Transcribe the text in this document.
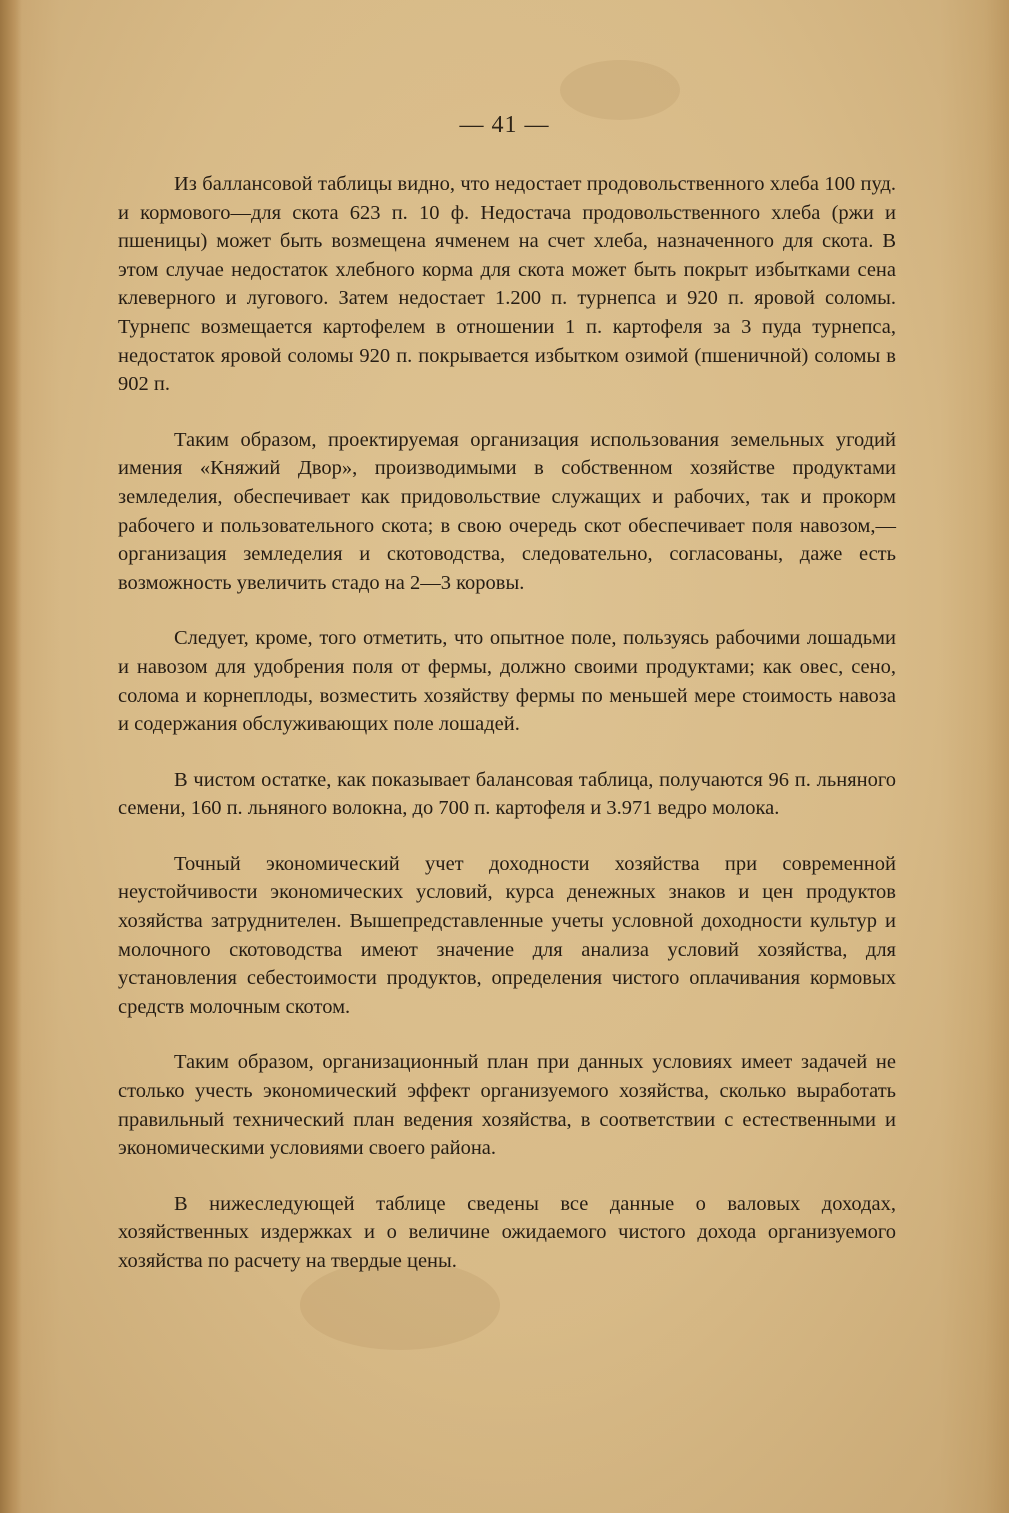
— 41 —

Из баллансовой таблицы видно, что недостает продовольственного хлеба 100 пуд. и кормового—для скота 623 п. 10 ф. Недостача продовольственного хлеба (ржи и пшеницы) может быть возмещена ячменем на счет хлеба, назначенного для скота. В этом случае недостаток хлебного корма для скота может быть покрыт избытками сена клеверного и лугового. Затем недостает 1.200 п. турнепса и 920 п. яровой соломы. Турнепс возмещается картофелем в отношении 1 п. картофеля за 3 пуда турнепса, недостаток яровой соломы 920 п. покрывается избытком озимой (пшеничной) соломы в 902 п.

Таким образом, проектируемая организация использования земельных угодий имения «Княжий Двор», производимыми в собственном хозяйстве продуктами земледелия, обеспечивает как придовольствие служащих и рабочих, так и прокорм рабочего и пользовательного скота; в свою очередь скот обеспечивает поля навозом,—организация земледелия и скотоводства, следовательно, согласованы, даже есть возможность увеличить стадо на 2—3 коровы.

Следует, кроме, того отметить, что опытное поле, пользуясь рабочими лошадьми и навозом для удобрения поля от фермы, должно своими продуктами; как овес, сено, солома и корнеплоды, возместить хозяйству фермы по меньшей мере стоимость навоза и содержания обслуживающих поле лошадей.

В чистом остатке, как показывает балансовая таблица, получаются 96 п. льняного семени, 160 п. льняного волокна, до 700 п. картофеля и 3.971 ведро молока.

Точный экономический учет доходности хозяйства при современной неустойчивости экономических условий, курса денежных знаков и цен продуктов хозяйства затруднителен. Вышепредставленные учеты условной доходности культур и молочного скотоводства имеют значение для анализа условий хозяйства, для установления себестоимости продуктов, определения чистого оплачивания кормовых средств молочным скотом.

Таким образом, организационный план при данных условиях имеет задачей не столько учесть экономический эффект организуемого хозяйства, сколько выработать правильный технический план ведения хозяйства, в соответствии с естественными и экономическими условиями своего района.

В нижеследующей таблице сведены все данные о валовых доходах, хозяйственных издержках и о величине ожидаемого чистого дохода организуемого хозяйства по расчету на твердые цены.
